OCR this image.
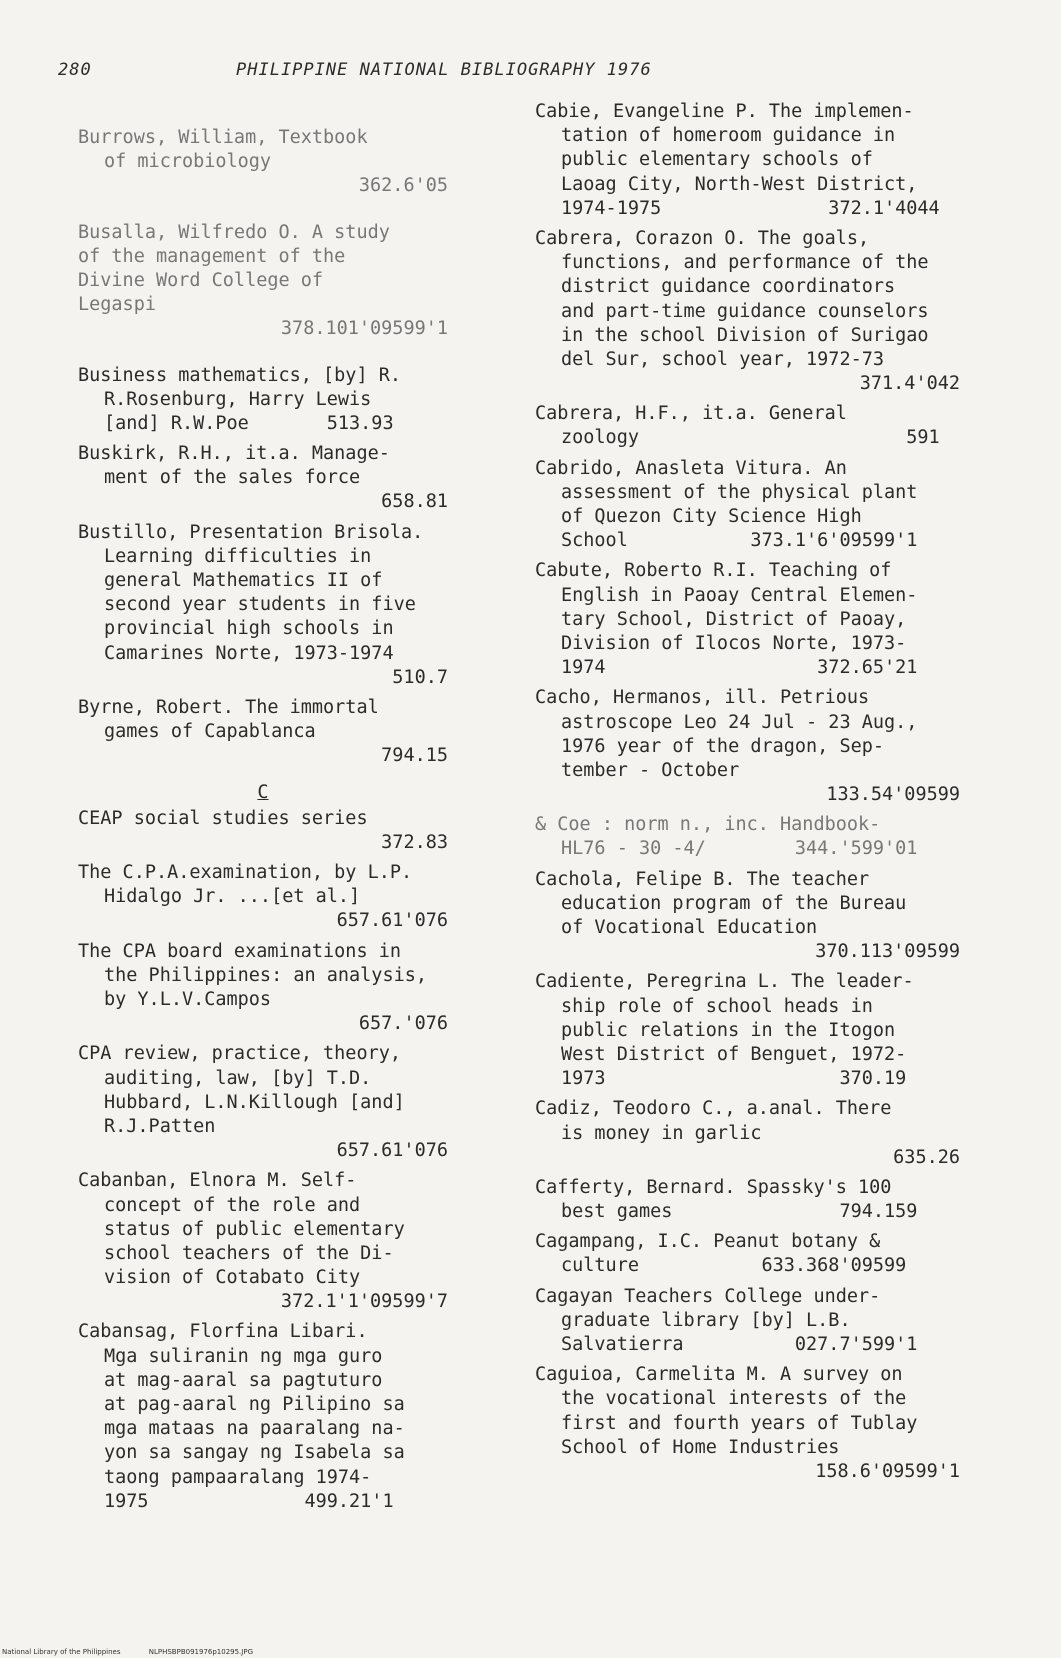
280	PHILIPPINE NATIONAL BIBLIOGRAPHY 1976
Burrows, William, Textbook
of microbiology
362.6'05
Busalla, Wilfredo O. A study
of the management of the
Divine Word College of
Legaspi
378.101'09599'1
Business mathematics, [by] R.
R.Rosenburg, Harry Lewis
[and] R.W.Poe       513.93
Buskirk, R.H., it.a. Manage-
ment of the sales force
658.81
Bustillo, Presentation Brisola.
Learning difficulties in
general Mathematics II of
second year students in five
provincial high schools in
Camarines Norte, 1973-1974
510.7
Byrne, Robert. The immortal
games of Capablanca
794.15
C
CEAP social studies series
372.83
The C.P.A.examination, by L.P.
Hidalgo Jr. ...[et al.]
657.61'076
The CPA board examinations in
the Philippines: an analysis,
by Y.L.V.Campos
657.'076
CPA review, practice, theory,
auditing, law, [by] T.D.
Hubbard, L.N.Killough [and]
R.J.Patten
657.61'076
Cabanban, Elnora M. Self-
concept of the role and
status of public elementary
school teachers of the Di-
vision of Cotabato City
372.1'1'09599'7
Cabansag, Florfina Libari.
Mga suliranin ng mga guro
at mag-aaral sa pagtuturo
at pag-aaral ng Pilipino sa
mga mataas na paaralang na-
yon sa sangay ng Isabela sa
taong pampaaralang 1974-
1975              499.21'1
Cabie, Evangeline P. The implemen-
tation of homeroom guidance in
public elementary schools of
Laoag City, North-West District,
1974-1975               372.1'4044
Cabrera, Corazon O. The goals,
functions, and performance of the
district guidance coordinators
and part-time guidance counselors
in the school Division of Surigao
del Sur, school year, 1972-73
371.4'042
Cabrera, H.F., it.a. General
zoology                        591
Cabrido, Anasleta Vitura. An
assessment of the physical plant
of Quezon City Science High
School           373.1'6'09599'1
Cabute, Roberto R.I. Teaching of
English in Paoay Central Elemen-
tary School, District of Paoay,
Division of Ilocos Norte, 1973-
1974                   372.65'21
Cacho, Hermanos, ill. Petrious
astroscope Leo 24 Jul - 23 Aug.,
1976 year of the dragon, Sep-
tember - October
133.54'09599
& Coe : norm n., inc. Handbook-
HL76 - 30 -4/        344.'599'01
Cachola, Felipe B. The teacher
education program of the Bureau
of Vocational Education
370.113'09599
Cadiente, Peregrina L. The leader-
ship role of school heads in
public relations in the Itogon
West District of Benguet, 1972-
1973                     370.19
Cadiz, Teodoro C., a.anal. There
is money in garlic
635.26
Cafferty, Bernard. Spassky's 100
best games               794.159
Cagampang, I.C. Peanut botany &
culture           633.368'09599
Cagayan Teachers College under-
graduate library [by] L.B.
Salvatierra          027.7'599'1
Caguioa, Carmelita M. A survey on
the vocational interests of the
first and fourth years of Tublay
School of Home Industries
158.6'09599'1
National Library of the Philippines	NLPHSBPB091976p10295.JPG
